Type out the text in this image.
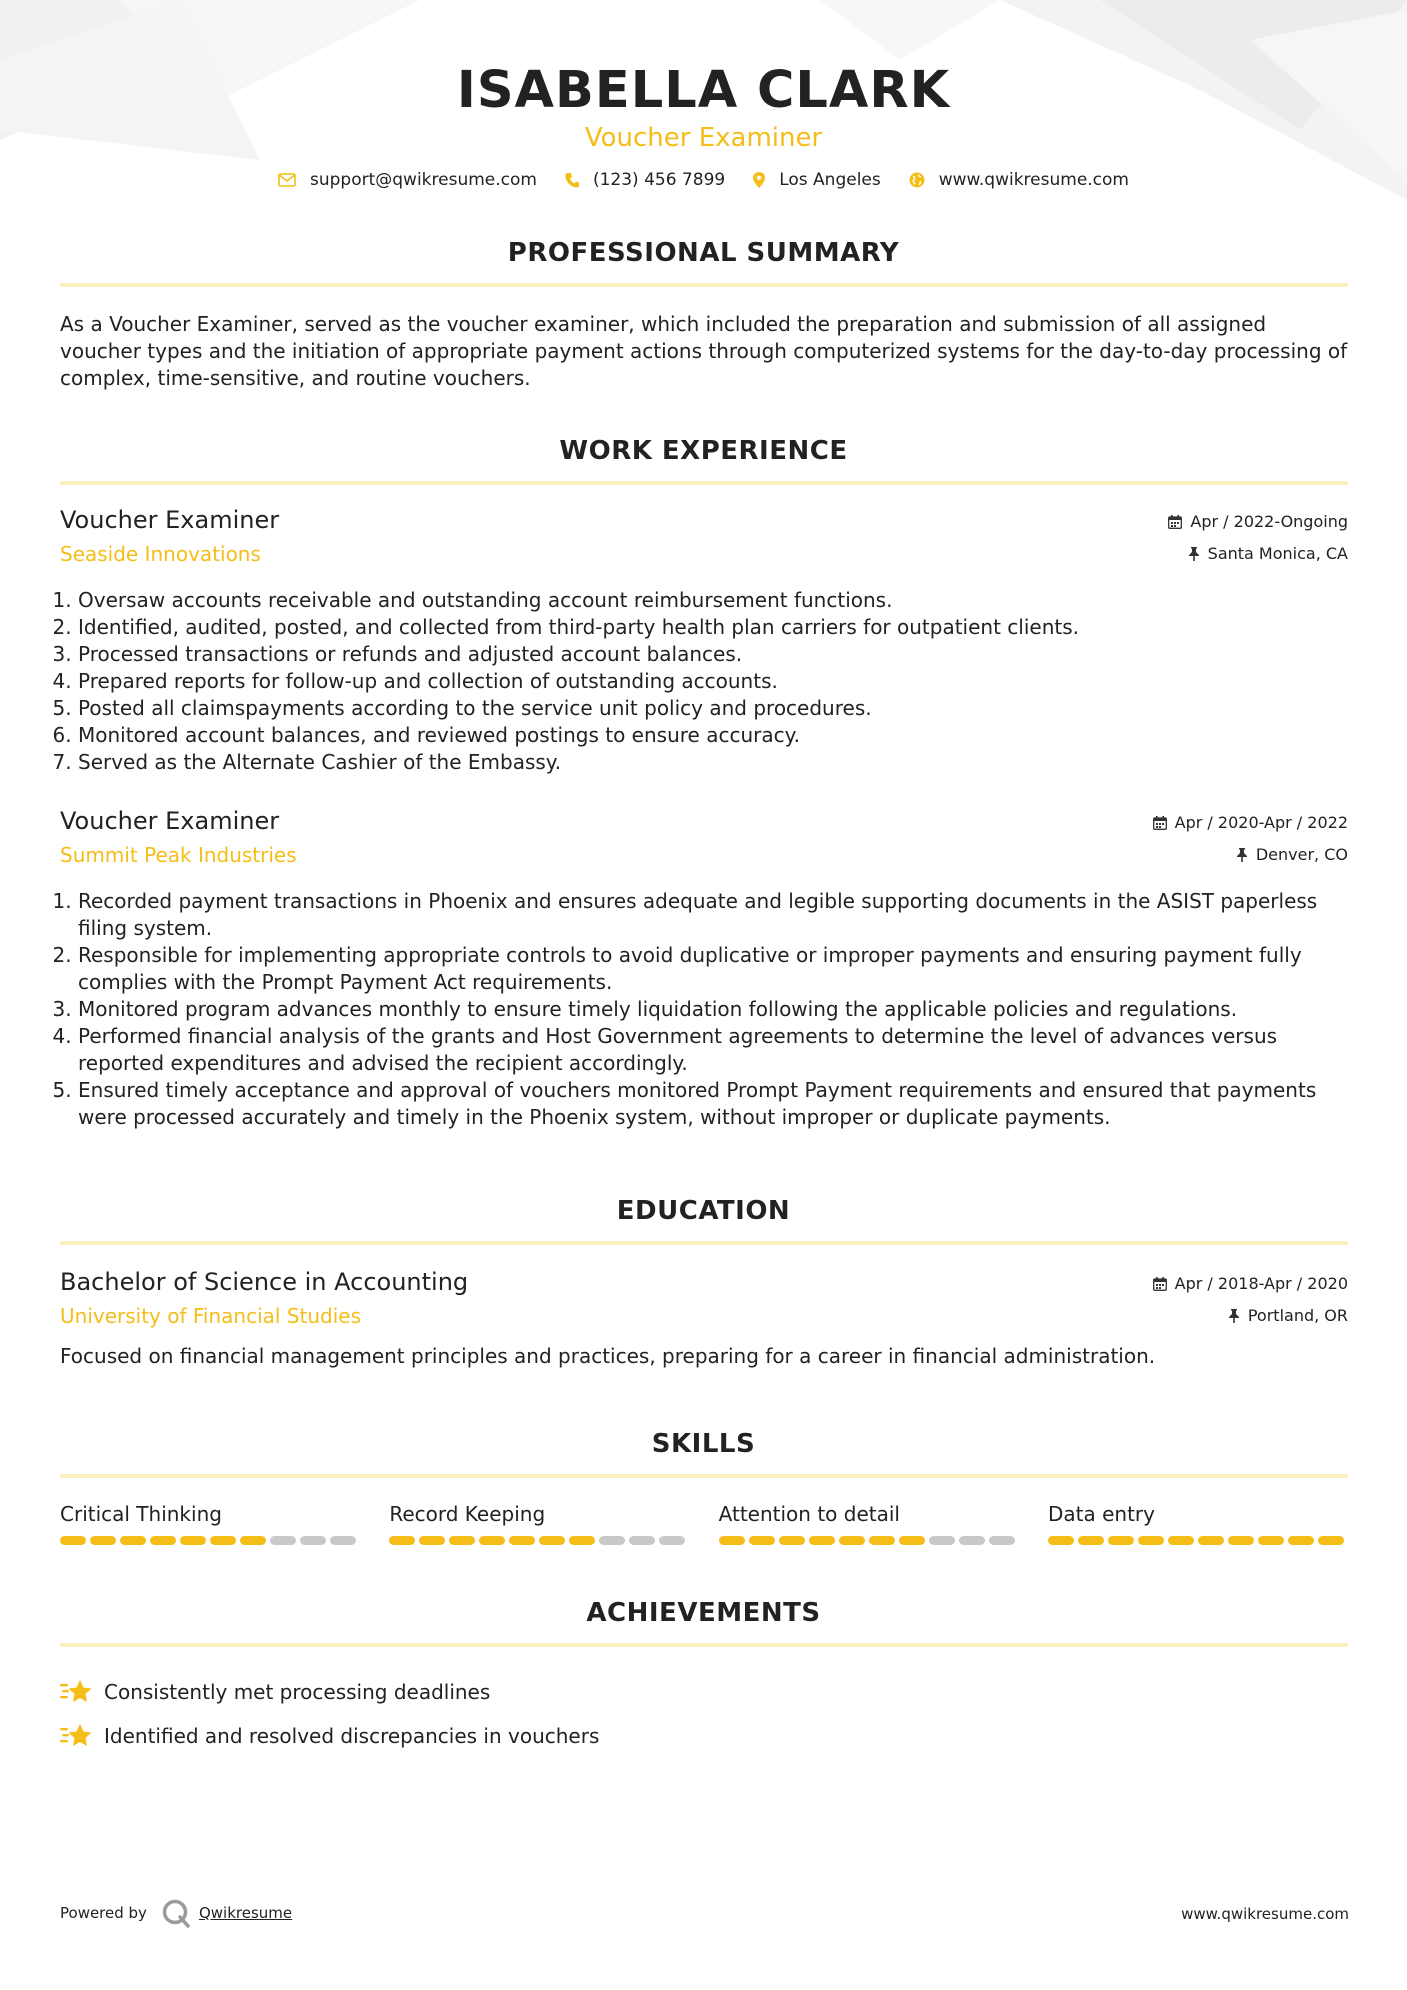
ISABELLA CLARK
Voucher Examiner
support@qwikresume.com	(123) 456 7899	Los Angeles	www.qwikresume.com
PROFESSIONAL SUMMARY

As a Voucher Examiner, served as the voucher examiner, which included the preparation and submission of all assigned voucher types and the initiation of appropriate payment actions through computerized systems for the day-to-day processing of complex, time-sensitive, and routine vouchers.

WORK EXPERIENCE
Voucher Examiner
Seaside Innovations
Apr / 2022-Ongoing
Santa Monica, CA
1. Oversaw accounts receivable and outstanding account reimbursement functions.
2. Identified, audited, posted, and collected from third-party health plan carriers for outpatient clients.
3. Processed transactions or refunds and adjusted account balances.
4. Prepared reports for follow-up and collection of outstanding accounts.
5. Posted all claimspayments according to the service unit policy and procedures.
6. Monitored account balances, and reviewed postings to ensure accuracy.
7. Served as the Alternate Cashier of the Embassy.
Voucher Examiner
Summit Peak Industries
Apr / 2020-Apr / 2022
Denver, CO
1. Recorded payment transactions in Phoenix and ensures adequate and legible supporting documents in the ASIST paperless filing system.
2. Responsible for implementing appropriate controls to avoid duplicative or improper payments and ensuring payment fully complies with the Prompt Payment Act requirements.
3. Monitored program advances monthly to ensure timely liquidation following the applicable policies and regulations.
4. Performed financial analysis of the grants and Host Government agreements to determine the level of advances versus reported expenditures and advised the recipient accordingly.
5. Ensured timely acceptance and approval of vouchers monitored Prompt Payment requirements and ensured that payments were processed accurately and timely in the Phoenix system, without improper or duplicate payments.
EDUCATION
Bachelor of Science in Accounting
University of Financial Studies
Apr / 2018-Apr / 2020
Portland, OR

Focused on financial management principles and practices, preparing for a career in financial administration.

SKILLS
Critical Thinking	Record Keeping	Attention to detail	Data entry
ACHIEVEMENTS
Consistently met processing deadlines
Identified and resolved discrepancies in vouchers
Powered by	Qwikresume	www.qwikresume.com
